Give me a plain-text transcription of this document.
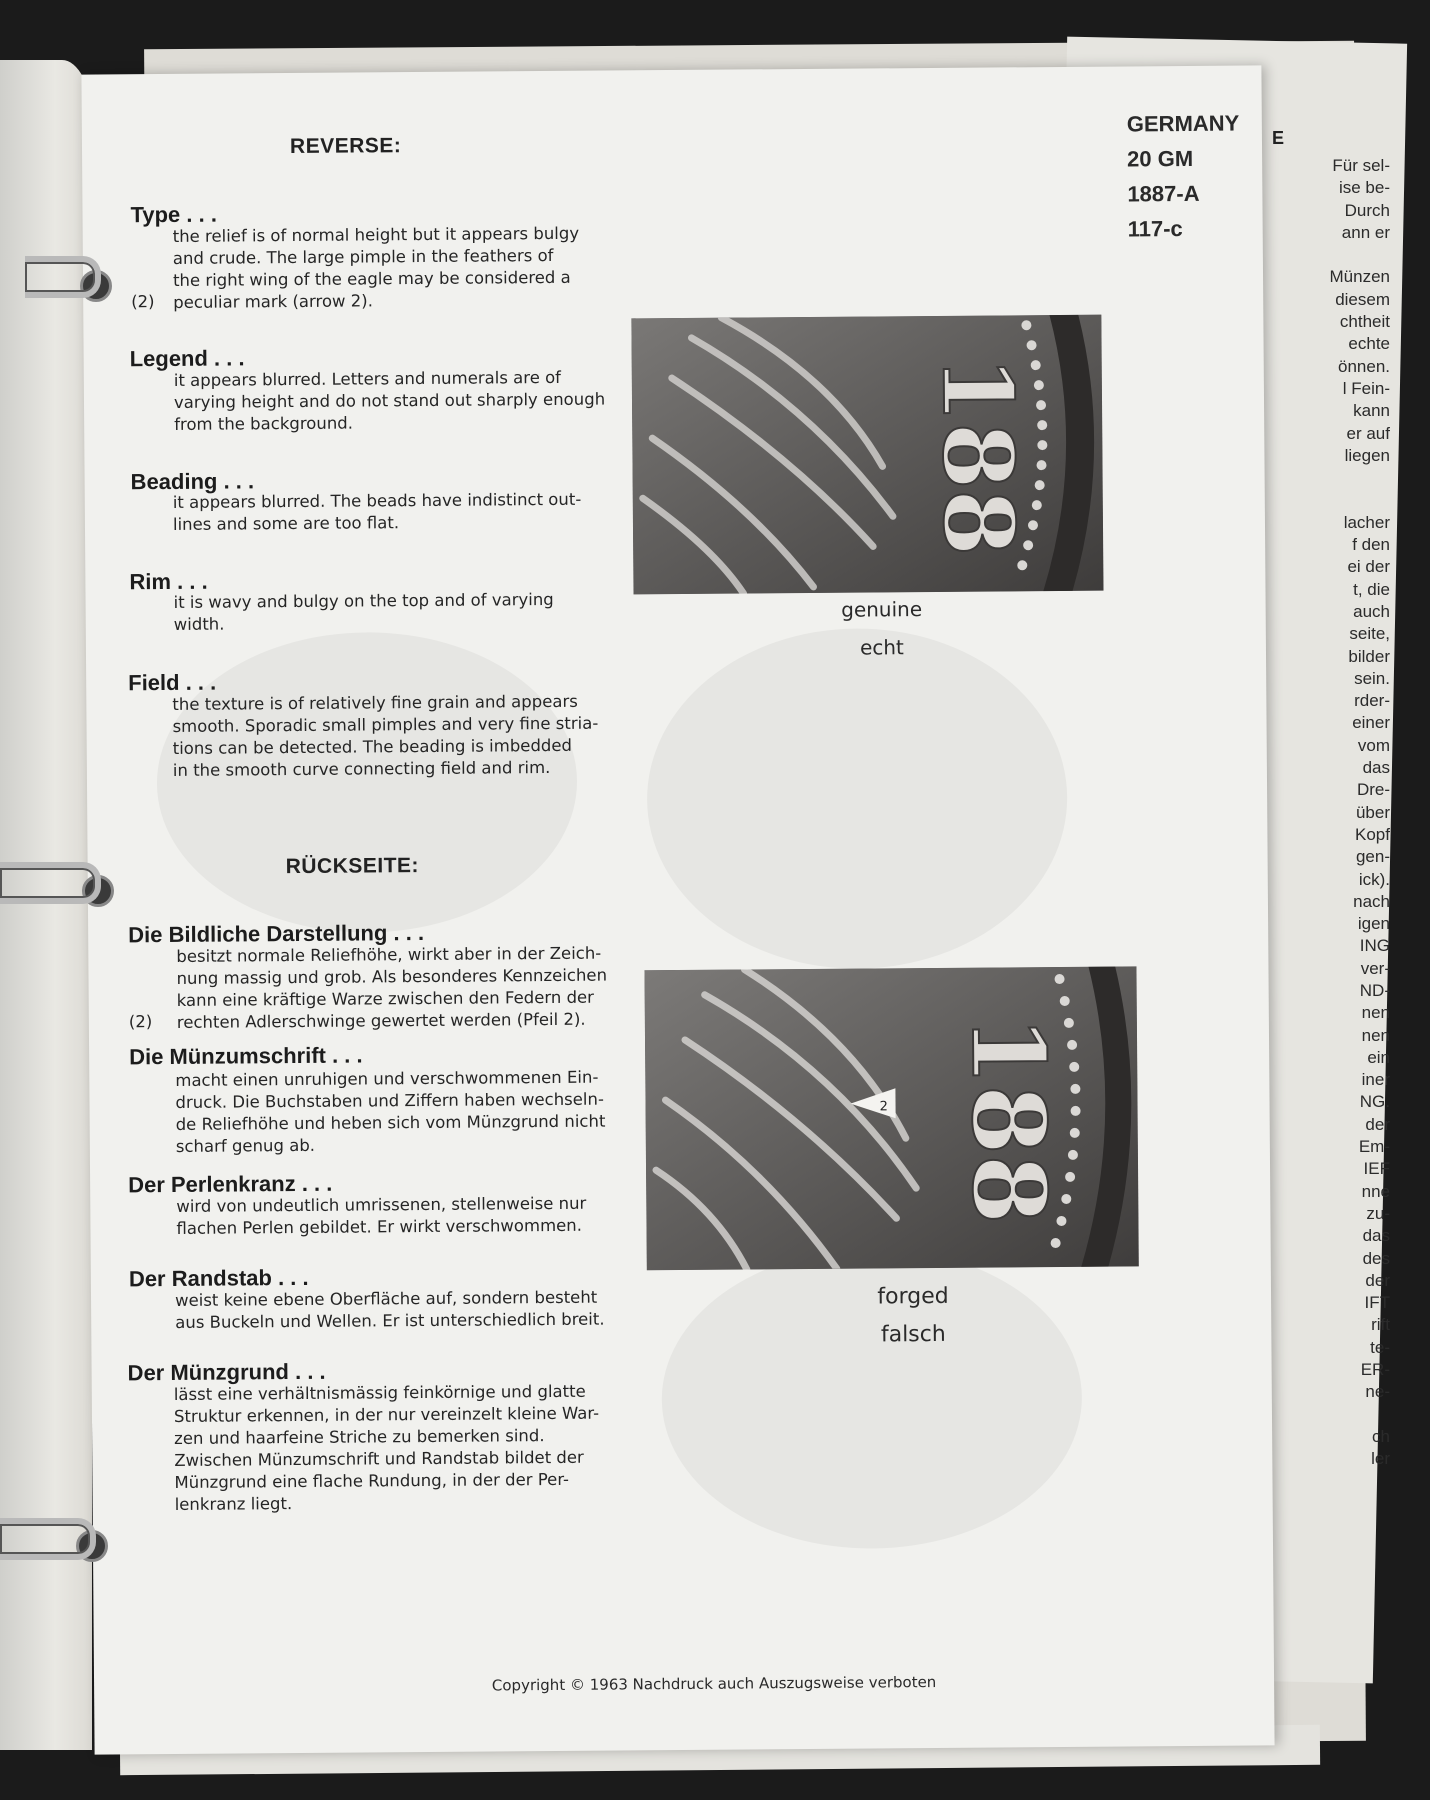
E
Für sel-
ise be-
Durch
ann er

Münzen
diesem
chtheit
echte
önnen.
l Fein-
kann
er auf
liegen

lacher
f den
ei der
t, die
auch
seite,
bilder
sein.
rder-
einer
vom
das
Dre-
über
Kopf
gen-
ick).
nach
igen
ING
ver-
ND-
nen
nen
ein
iner
NG.
der
Em-
IEF
nne
zu-
das
des
der
IFT
rift
te-
ER-
ne-

ch
ler
GERMANY
20 GM
1887-A
117-c
REVERSE:
Type . . .
the relief is of normal height but it appears bulgy
and crude. The large pimple in the feathers of
the right wing of the eagle may be considered a
peculiar mark (arrow 2).
(2)
Legend . . .
it appears blurred. Letters and numerals are of
varying height and do not stand out sharply enough
from the background.
Beading . . .
it appears blurred. The beads have indistinct out-
lines and some are too flat.
Rim . . .
it is wavy and bulgy on the top and of varying
width.
Field . . .
the texture is of relatively fine grain and appears
smooth. Sporadic small pimples and very fine stria-
tions can be detected. The beading is imbedded
in the smooth curve connecting field and rim.
RÜCKSEITE:
Die Bildliche Darstellung . . .
besitzt normale Reliefhöhe, wirkt aber in der Zeich-
nung massig und grob. Als besonderes Kennzeichen
kann eine kräftige Warze zwischen den Federn der
rechten Adlerschwinge gewertet werden (Pfeil 2).
(2)
Die Münzumschrift . . .
macht einen unruhigen und verschwommenen Ein-
druck. Die Buchstaben und Ziffern haben wechseln-
de Reliefhöhe und heben sich vom Münzgrund nicht
scharf genug ab.
Der Perlenkranz . . .
wird von undeutlich umrissenen, stellenweise nur
flachen Perlen gebildet. Er wirkt verschwommen.
Der Randstab . . .
weist keine ebene Oberfläche auf, sondern besteht
aus Buckeln und Wellen. Er ist unterschiedlich breit.
Der Münzgrund . . .
lässt eine verhältnismässig feinkörnige und glatte
Struktur erkennen, in der nur vereinzelt kleine War-
zen und haarfeine Striche zu bemerken sind.
Zwischen Münzumschrift und Randstab bildet der
Münzgrund eine flache Rundung, in der der Per-
lenkranz liegt.
188
genuine
echt
188
2
forged
falsch
Copyright © 1963 Nachdruck auch Auszugsweise verboten
